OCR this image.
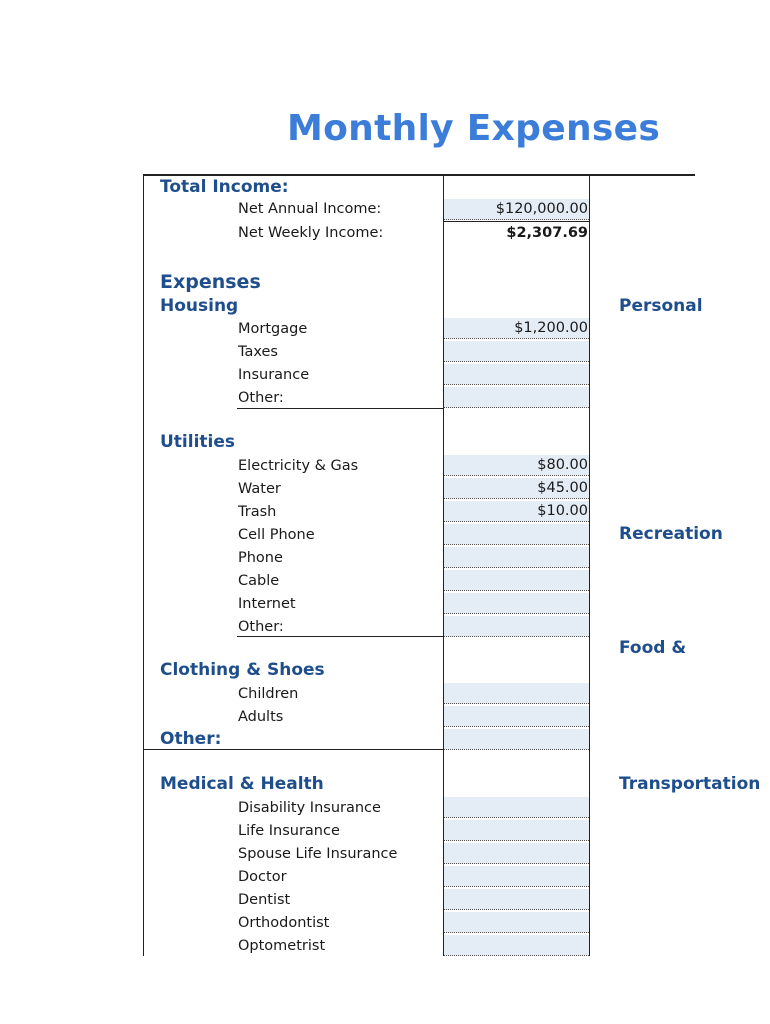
Monthly Expenses
Total Income:
Net Annual Income:	$120,000.00
Net Weekly Income:	$2,307.69
Expenses
Housing
Mortgage	$1,200.00
Taxes
Insurance
Other:
Utilities
Electricity & Gas	$80.00
Water	$45.00
Trash	$10.00
Cell Phone
Phone
Cable
Internet
Other:
Clothing & Shoes
Children
Adults
Other:
Medical & Health
Disability Insurance
Life Insurance
Spouse Life Insurance
Doctor
Dentist
Orthodontist
Optometrist
Personal
Recreation
Food &
Transportation
